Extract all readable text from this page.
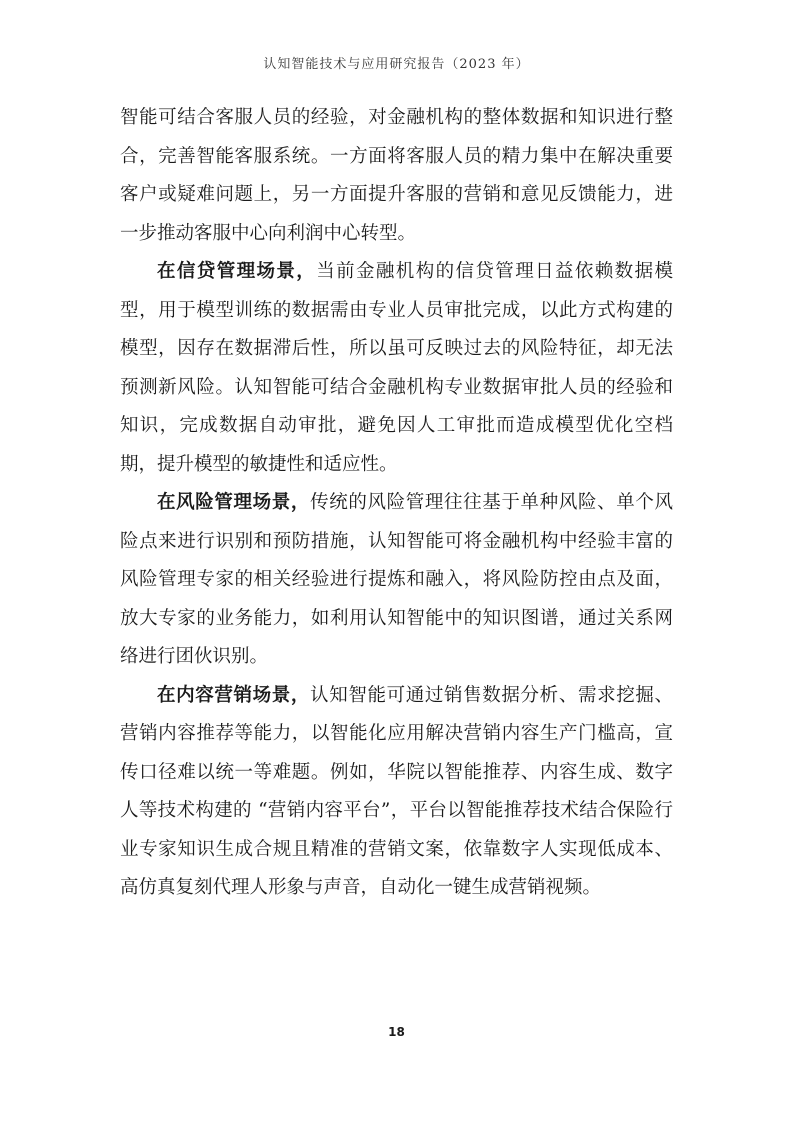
认知智能技术与应用研究报告（2023 年）

智能可结合客服人员的经验，对金融机构的整体数据和知识进行整合，完善智能客服系统。一方面将客服人员的精力集中在解决重要客户或疑难问题上，另一方面提升客服的营销和意见反馈能力，进一步推动客服中心向利润中心转型。

在信贷管理场景，当前金融机构的信贷管理日益依赖数据模型，用于模型训练的数据需由专业人员审批完成，以此方式构建的模型，因存在数据滞后性，所以虽可反映过去的风险特征，却无法预测新风险。认知智能可结合金融机构专业数据审批人员的经验和知识，完成数据自动审批，避免因人工审批而造成模型优化空档期，提升模型的敏捷性和适应性。

在风险管理场景，传统的风险管理往往基于单种风险、单个风险点来进行识别和预防措施，认知智能可将金融机构中经验丰富的风险管理专家的相关经验进行提炼和融入，将风险防控由点及面，放大专家的业务能力，如利用认知智能中的知识图谱，通过关系网络进行团伙识别。

在内容营销场景，认知智能可通过销售数据分析、需求挖掘、营销内容推荐等能力，以智能化应用解决营销内容生产门槛高，宣传口径难以统一等难题。例如，华院以智能推荐、内容生成、数字人等技术构建的 “营销内容平台”，平台以智能推荐技术结合保险行业专家知识生成合规且精准的营销文案，依靠数字人实现低成本、高仿真复刻代理人形象与声音，自动化一键生成营销视频。

18
